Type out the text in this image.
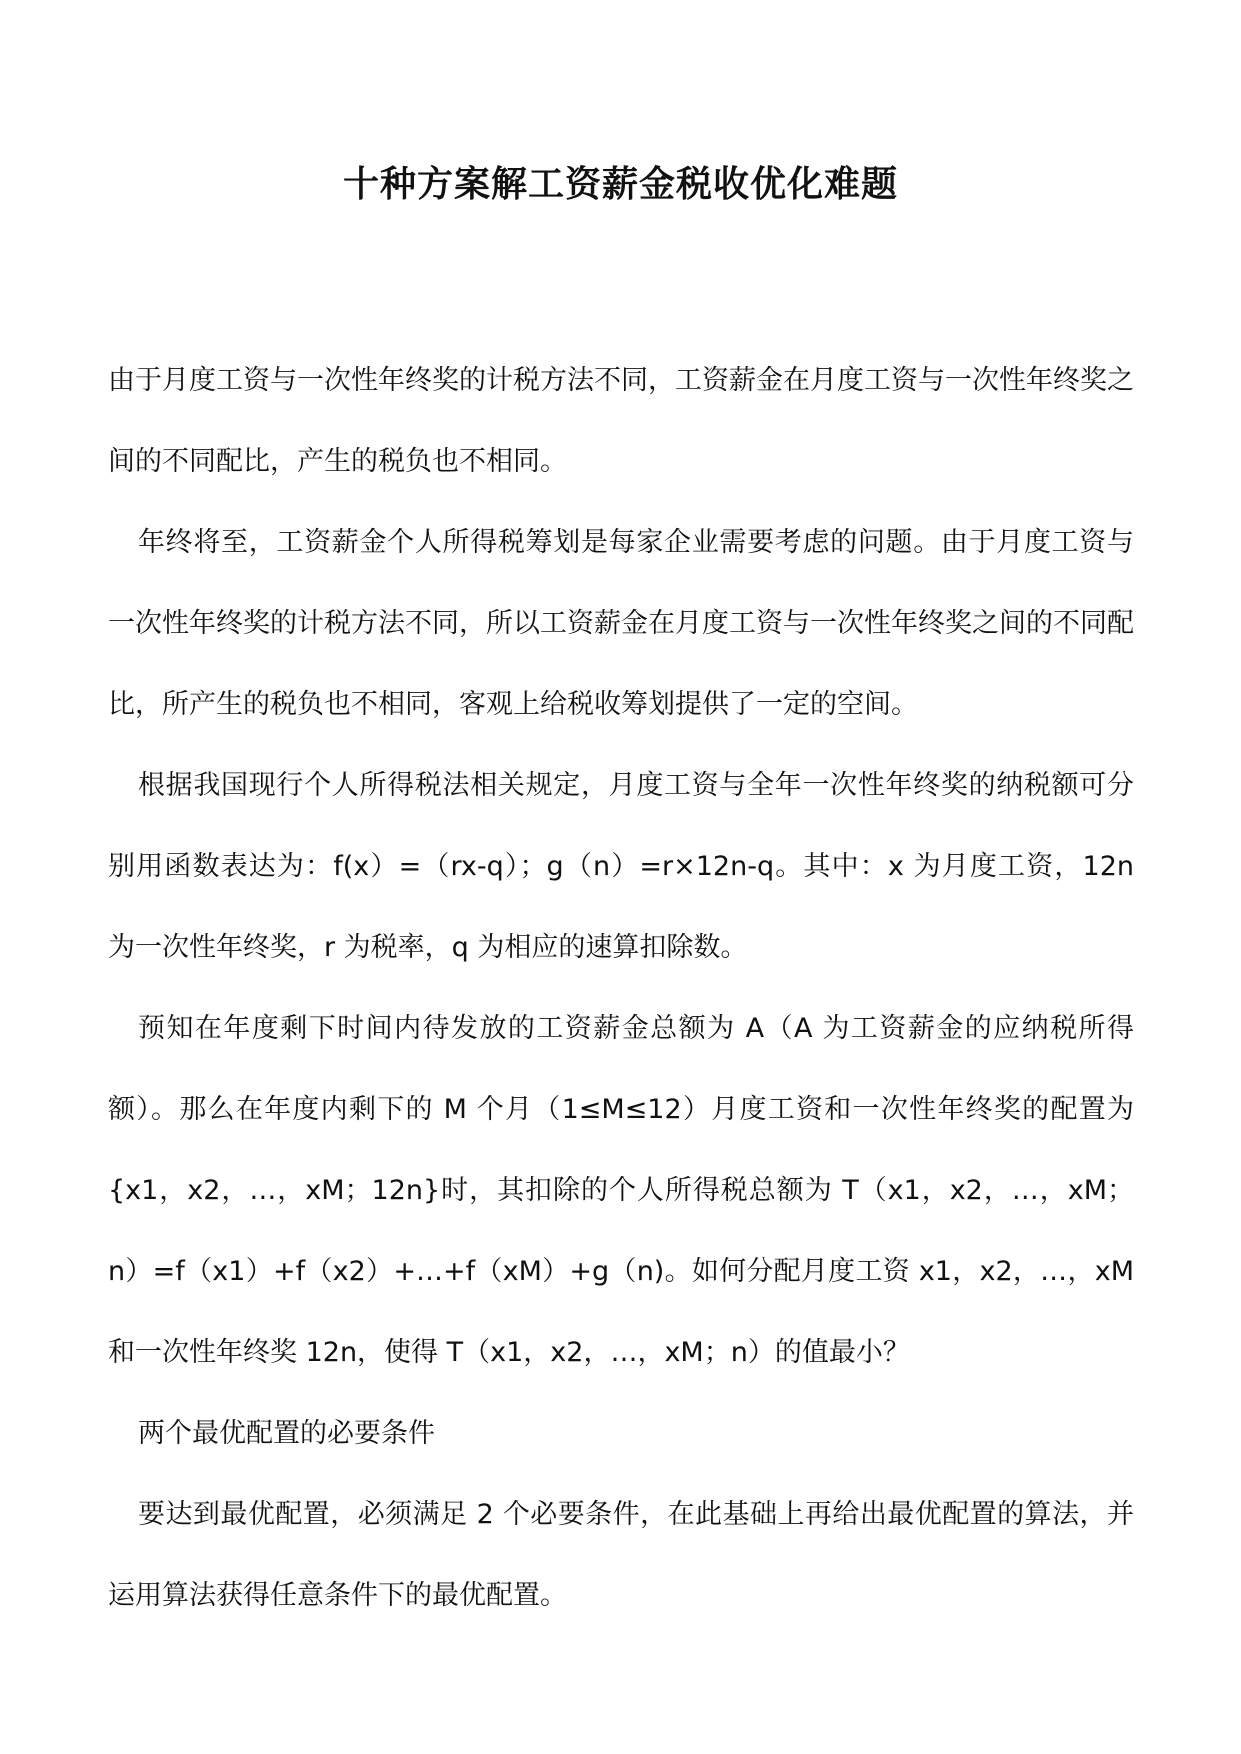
十种方案解工资薪金税收优化难题

由于月度工资与一次性年终奖的计税方法不同，工资薪金在月度工资与一次性年终奖之间的不同配比，产生的税负也不相同。

年终将至，工资薪金个人所得税筹划是每家企业需要考虑的问题。由于月度工资与一次性年终奖的计税方法不同，所以工资薪金在月度工资与一次性年终奖之间的不同配比，所产生的税负也不相同，客观上给税收筹划提供了一定的空间。

根据我国现行个人所得税法相关规定，月度工资与全年一次性年终奖的纳税额可分别用函数表达为：f(x）=（rx-q）；g（n）=r×12n-q。其中：x 为月度工资，12n 为一次性年终奖，r 为税率，q 为相应的速算扣除数。

预知在年度剩下时间内待发放的工资薪金总额为 A（A 为工资薪金的应纳税所得额）。那么在年度内剩下的 M 个月（1≤M≤12）月度工资和一次性年终奖的配置为{x1，x2，…，xM；12n}时，其扣除的个人所得税总额为 T（x1，x2，…，xM；n）=f（x1）+f（x2）+…+f（xM）+g（n)。如何分配月度工资 x1，x2，…，xM 和一次性年终奖 12n，使得 T（x1，x2，…，xM；n）的值最小？

两个最优配置的必要条件

要达到最优配置，必须满足 2 个必要条件，在此基础上再给出最优配置的算法，并运用算法获得任意条件下的最优配置。
